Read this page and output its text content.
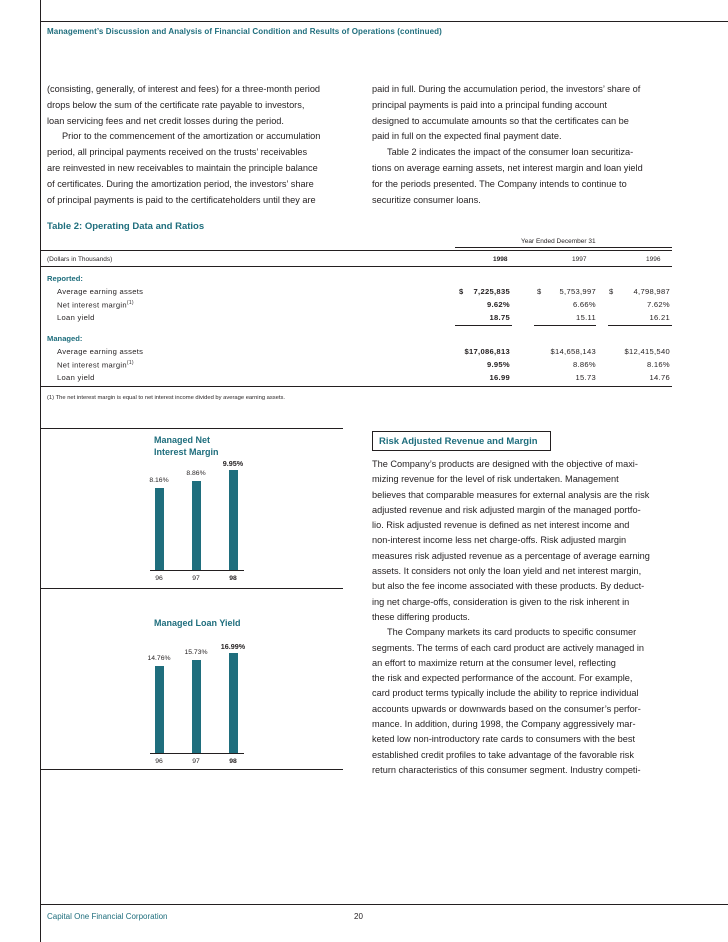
Management’s Discussion and Analysis of Financial Condition and Results of Operations (continued)

(consisting, generally, of interest and fees) for a three-month period

drops below the sum of the certificate rate payable to investors,

loan servicing fees and net credit losses during the period.

Prior to the commencement of the amortization or accumulation

period, all principal payments received on the trusts’ receivables

are reinvested in new receivables to maintain the principle balance

of certificates. During the amortization period, the investors’ share

of principal payments is paid to the certificateholders until they are

paid in full. During the accumulation period, the investors’ share of

principal payments is paid into a principal funding account

designed to accumulate amounts so that the certificates can be

paid in full on the expected final payment date.

Table 2 indicates the impact of the consumer loan securitiza-

tions on average earning assets, net interest margin and loan yield

for the periods presented. The Company intends to continue to

securitize consumer loans.

Table 2: Operating Data and Ratios
Year Ended December 31
(Dollars in Thousands)	1998	1997	1996
Reported:
Average earning assets	$ 7,225,835	$ 5,753,997 $	4,798,987
Net interest margin$^{(1)}$	9.62%	6.66%	7.62%
Loan yield	18.75	15.11	16.21
Managed:
Average earning assets	$17,086,813	$14,658,143	$12,415,540
Net interest margin$^{(1)}$	9.95%	8.86%	8.16%
Loan yield	16.99	15.73	14.76
(1) The net interest margin is equal to net interest income divided by average earning assets.
Managed Net
Interest Margin
8.16%
96
8.86%
97
9.95%
98
Managed Loan Yield
14.76%
96
15.73%
97
16.99%
98
Risk Adjusted Revenue and Margin

The Company’s products are designed with the objective of maxi-

mizing revenue for the level of risk undertaken. Management

believes that comparable measures for external analysis are the risk

adjusted revenue and risk adjusted margin of the managed portfo-

lio. Risk adjusted revenue is defined as net interest income and

non-interest income less net charge-offs. Risk adjusted margin

measures risk adjusted revenue as a percentage of average earning

assets. It considers not only the loan yield and net interest margin,

but also the fee income associated with these products. By deduct-

ing net charge-offs, consideration is given to the risk inherent in

these differing products.

The Company markets its card products to specific consumer

segments. The terms of each card product are actively managed in

an effort to maximize return at the consumer level, reflecting

the risk and expected performance of the account. For example,

card product terms typically include the ability to reprice individual

accounts upwards or downwards based on the consumer’s perfor-

mance. In addition, during 1998, the Company aggressively mar-

keted low non-introductory rate cards to consumers with the best

established credit profiles to take advantage of the favorable risk

return characteristics of this consumer segment. Industry competi-

Capital One Financial Corporation	20
